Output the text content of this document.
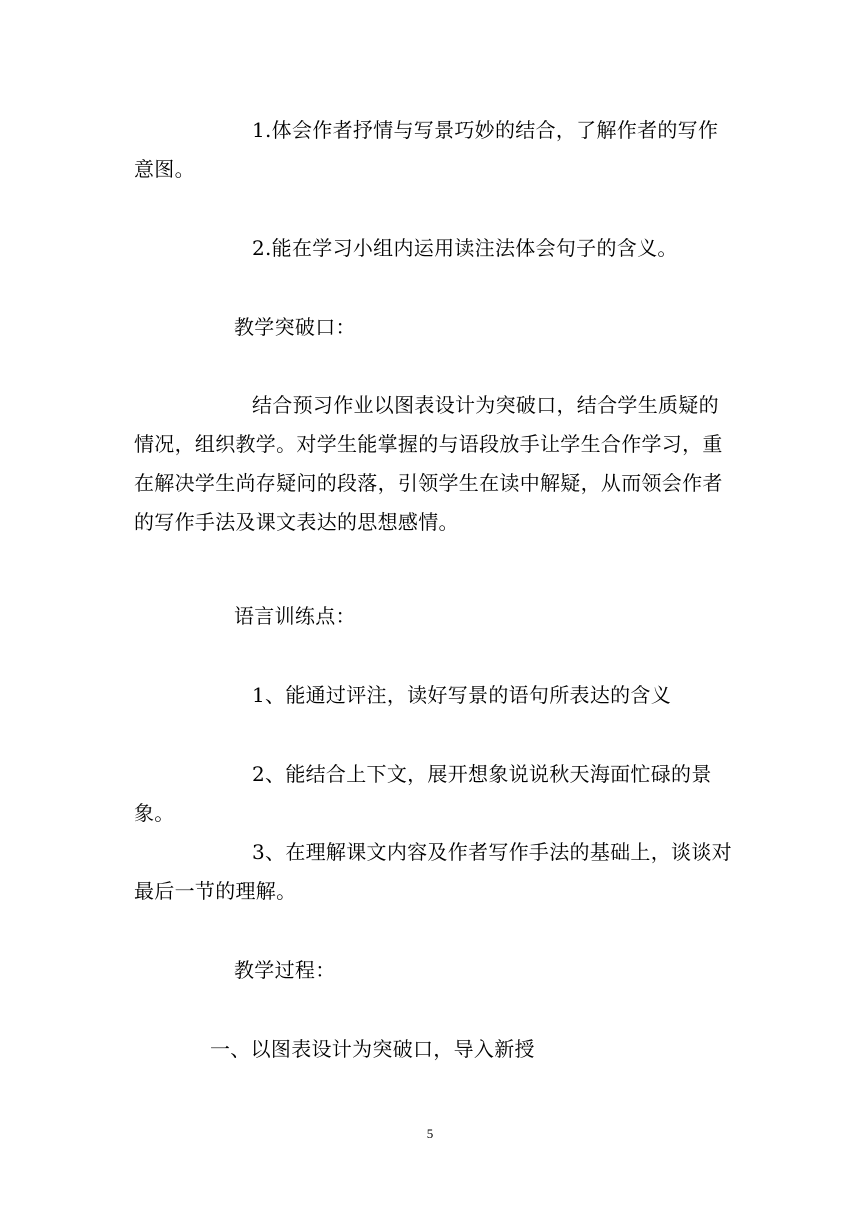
1.体会作者抒情与写景巧妙的结合，了解作者的写作意图。

2.能在学习小组内运用读注法体会句子的含义。

教学突破口：

结合预习作业以图表设计为突破口，结合学生质疑的情况，组织教学。对学生能掌握的与语段放手让学生合作学习，重在解决学生尚存疑问的段落，引领学生在读中解疑，从而领会作者的写作手法及课文表达的思想感情。

语言训练点：

1、能通过评注，读好写景的语句所表达的含义

2、能结合上下文，展开想象说说秋天海面忙碌的景象。

3、在理解课文内容及作者写作手法的基础上，谈谈对最后一节的理解。

教学过程：

一、以图表设计为突破口，导入新授

5
